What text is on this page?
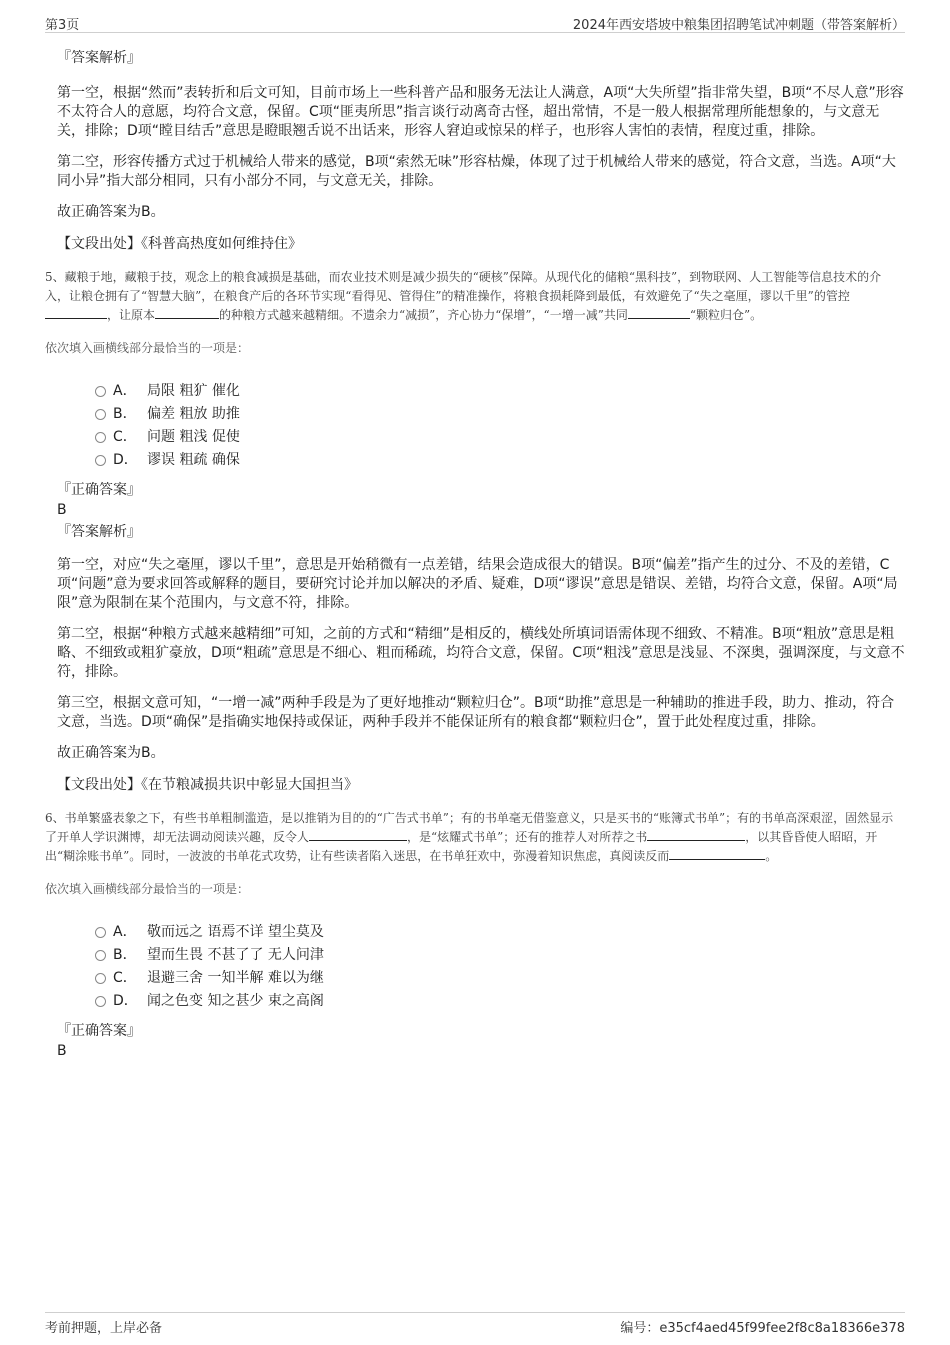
第3页	2024年西安塔坡中粮集团招聘笔试冲刺题（带答案解析）
『答案解析』

第一空，根据“然而”表转折和后文可知，目前市场上一些科普产品和服务无法让人满意，A项“大失所望”指非常失望，B项“不尽人意”形容不太符合人的意愿，均符合文意，保留。C项“匪夷所思”指言谈行动离奇古怪，超出常情，不是一般人根据常理所能想象的，与文意无关，排除；D项“瞠目结舌”意思是瞪眼翘舌说不出话来，形容人窘迫或惊呆的样子，也形容人害怕的表情，程度过重，排除。

第二空，形容传播方式过于机械给人带来的感觉，B项“索然无味”形容枯燥，体现了过于机械给人带来的感觉，符合文意，当选。A项“大同小异”指大部分相同，只有小部分不同，与文意无关，排除。

故正确答案为B。

【文段出处】《科普高热度如何维持住》

5、藏粮于地，藏粮于技，观念上的粮食减损是基础，而农业技术则是减少损失的“硬核”保障。从现代化的储粮“黑科技”，到物联网、人工智能等信息技术的介入，让粮仓拥有了“智慧大脑”，在粮食产后的各环节实现“看得见、管得住”的精准操作，将粮食损耗降到最低，有效避免了“失之毫厘，谬以千里”的管控，让原本	的种粮方式越来越精细。不遗余力“减损”，齐心协力“保增”，“一增一减”共同	“颗粒归仓”。

依次填入画横线部分最恰当的一项是：
A． 局限 粗犷 催化
B． 偏差 粗放 助推
C． 问题 粗浅 促使
D． 谬误 粗疏 确保
『正确答案』
B
『答案解析』

第一空，对应“失之毫厘，谬以千里”，意思是开始稍微有一点差错，结果会造成很大的错误。B项“偏差”指产生的过分、不及的差错，C项“问题”意为要求回答或解释的题目，要研究讨论并加以解决的矛盾、疑难，D项“谬误”意思是错误、差错，均符合文意，保留。A项“局限”意为限制在某个范围内，与文意不符，排除。

第二空，根据“种粮方式越来越精细”可知，之前的方式和“精细”是相反的，横线处所填词语需体现不细致、不精准。B项“粗放”意思是粗略、不细致或粗犷豪放，D项“粗疏”意思是不细心、粗而稀疏，均符合文意，保留。C项“粗浅”意思是浅显、不深奥，强调深度，与文意不符，排除。

第三空，根据文意可知，“一增一减”两种手段是为了更好地推动“颗粒归仓”。B项“助推”意思是一种辅助的推进手段，助力、推动，符合文意，当选。D项“确保”是指确实地保持或保证，两种手段并不能保证所有的粮食都“颗粒归仓”，置于此处程度过重，排除。

故正确答案为B。

【文段出处】《在节粮减损共识中彰显大国担当》

6、书单繁盛表象之下，有些书单粗制滥造，是以推销为目的的“广告式书单”；有的书单毫无借鉴意义，只是买书的“账簿式书单”；有的书单高深艰涩，固然显示了开单人学识渊博，却无法调动阅读兴趣，反令人	，是“炫耀式书单”；还有的推荐人对所荐之书	，以其昏昏使人昭昭，开出“糊涂账书单”。同时，一波波的书单花式攻势，让有些读者陷入迷思，在书单狂欢中，弥漫着知识焦虑，真阅读反而	。

依次填入画横线部分最恰当的一项是：
A． 敬而远之 语焉不详 望尘莫及
B． 望而生畏 不甚了了 无人问津
C． 退避三舍 一知半解 难以为继
D． 闻之色变 知之甚少 束之高阁
『正确答案』
B
考前押题，上岸必备	编号：e35cf4aed45f99fee2f8c8a18366e378
